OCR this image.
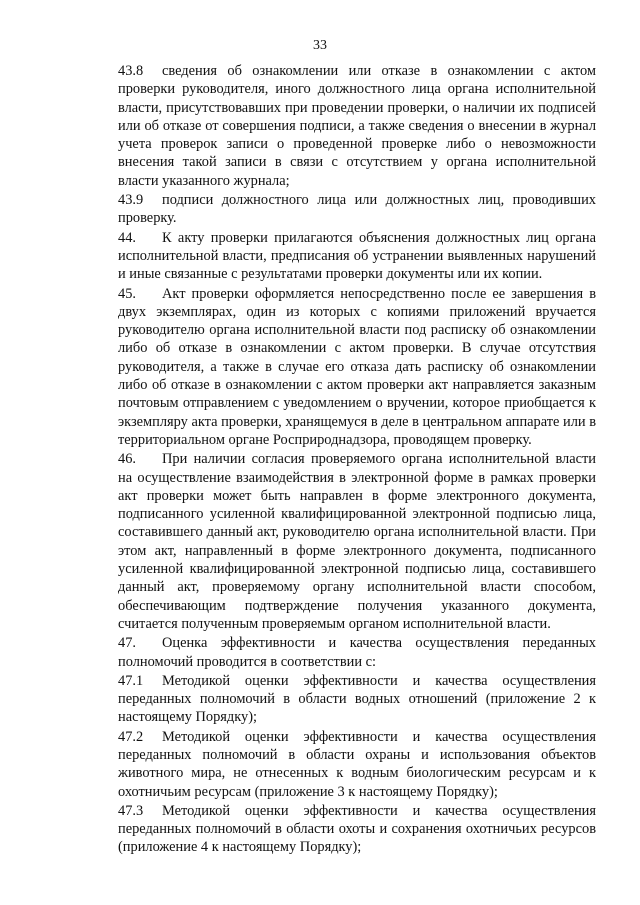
33

43.8 сведения об ознакомлении или отказе в ознакомлении с актом проверки руководителя, иного должностного лица органа исполнительной власти, присутствовавших при проведении проверки, о наличии их подписей или об отказе от совершения подписи, а также сведения о внесении в журнал учета проверок записи о проведенной проверке либо о невозможности внесения такой записи в связи с отсутствием у органа исполнительной власти указанного журнала;

43.9 подписи должностного лица или должностных лиц, проводивших проверку.

44. К акту проверки прилагаются объяснения должностных лиц органа исполнительной власти, предписания об устранении выявленных нарушений и иные связанные с результатами проверки документы или их копии.

45. Акт проверки оформляется непосредственно после ее завершения в двух экземплярах, один из которых с копиями приложений вручается руководителю органа исполнительной власти под расписку об ознакомлении либо об отказе в ознакомлении с актом проверки. В случае отсутствия руководителя, а также в случае его отказа дать расписку об ознакомлении либо об отказе в ознакомлении с актом проверки акт направляется заказным почтовым отправлением с уведомлением о вручении, которое приобщается к экземпляру акта проверки, хранящемуся в деле в центральном аппарате или в территориальном органе Росприроднадзора, проводящем проверку.

46. При наличии согласия проверяемого органа исполнительной власти на осуществление взаимодействия в электронной форме в рамках проверки акт проверки может быть направлен в форме электронного документа, подписанного усиленной квалифицированной электронной подписью лица, составившего данный акт, руководителю органа исполнительной власти. При этом акт, направленный в форме электронного документа, подписанного усиленной квалифицированной электронной подписью лица, составившего данный акт, проверяемому органу исполнительной власти способом, обеспечивающим подтверждение получения указанного документа, считается полученным проверяемым органом исполнительной власти.

47. Оценка эффективности и качества осуществления переданных полномочий проводится в соответствии с:

47.1 Методикой оценки эффективности и качества осуществления переданных полномочий в области водных отношений (приложение 2 к настоящему Порядку);

47.2 Методикой оценки эффективности и качества осуществления переданных полномочий в области охраны и использования объектов животного мира, не отнесенных к водным биологическим ресурсам и к охотничьим ресурсам (приложение 3 к настоящему Порядку);

47.3 Методикой оценки эффективности и качества осуществления переданных полномочий в области охоты и сохранения охотничьих ресурсов (приложение 4 к настоящему Порядку);
